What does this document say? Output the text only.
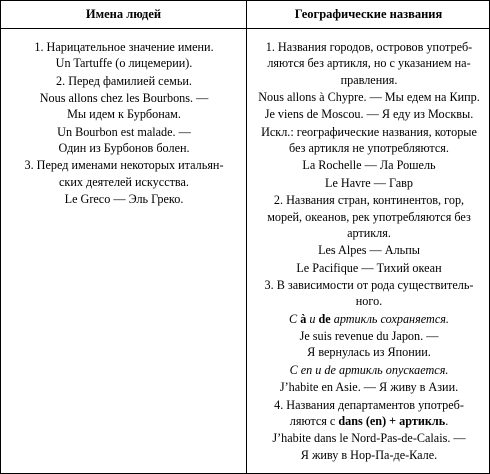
Имена людей	Географические названия

1. Нарицательное значение имени.
Un Tartuffe (о лицемерии).

2. Перед фамилией семьи.

Nous allons chez les Bourbons. —
Мы идем к Бурбонам.

Un Bourbon est malade. —
Один из Бурбонов болен.

3. Перед именами некоторых итальян-
ских деятелей искусства.

Le Greco — Эль Греко.

1. Названия городов, островов употреб-
ляются без артикля, но с указанием на-
правления.

Nous allons à Chypre. — Мы едем на Кипр.

Je viens de Moscou. — Я еду из Москвы.

Искл.: географические названия, которые
без артикля не употребляются.

La Rochelle — Ла Рошель

Le Havre — Гавр

2. Названия стран, континентов, гор,
морей, океанов, рек употребляются без
артикля.

Les Alpes — Альпы

Le Pacifique — Тихий океан

3. В зависимости от рода существитель-
ного.

С à и de артикль сохраняется.

Je suis revenue du Japon. —
Я вернулась из Японии.

С en и de артикль опускается.

J’habite en Asie. — Я живу в Азии.

4. Названия департаментов употреб-
ляются с dans (en) + артикль.

J’habite dans le Nord-Pas-de-Calais. —
Я живу в Нор-Па-де-Кале.
